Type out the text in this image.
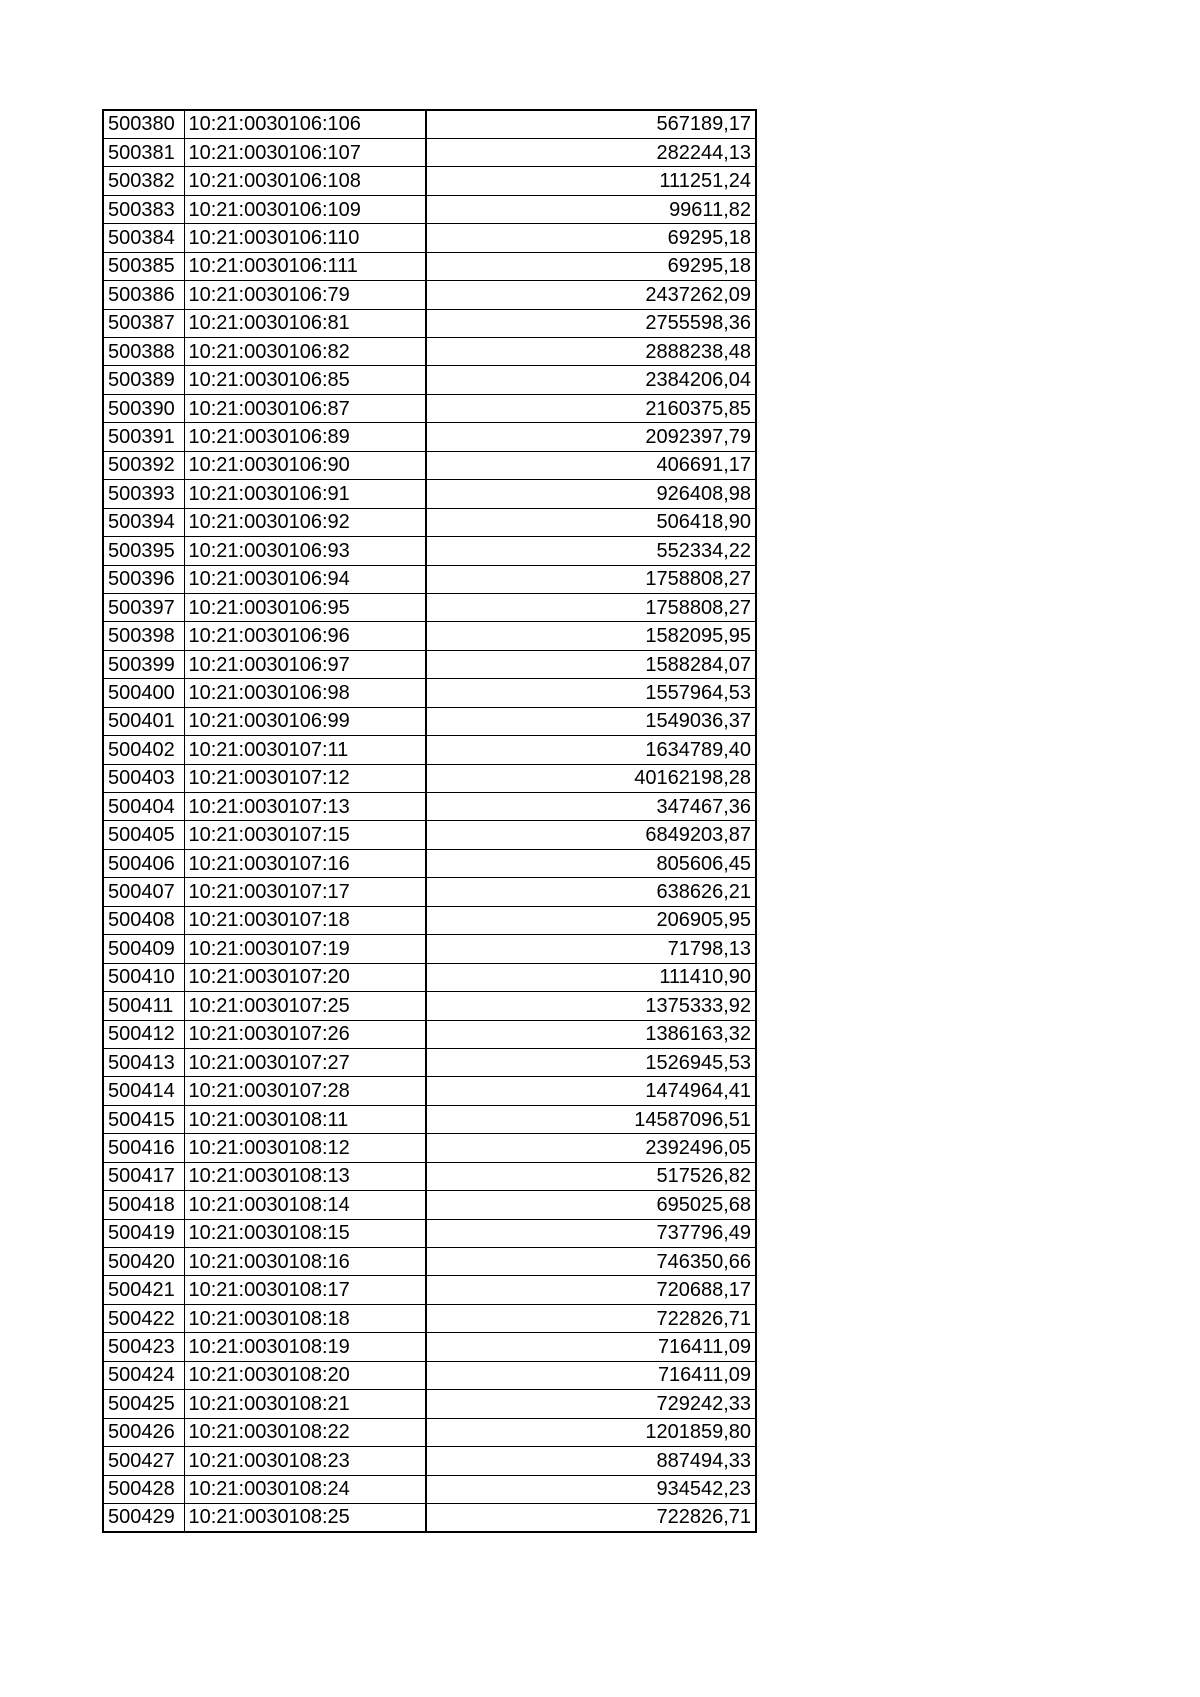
500380	10:21:0030106:106	567189,17
500381	10:21:0030106:107	282244,13
500382	10:21:0030106:108	111251,24
500383	10:21:0030106:109	99611,82
500384	10:21:0030106:110	69295,18
500385	10:21:0030106:111	69295,18
500386	10:21:0030106:79	2437262,09
500387	10:21:0030106:81	2755598,36
500388	10:21:0030106:82	2888238,48
500389	10:21:0030106:85	2384206,04
500390	10:21:0030106:87	2160375,85
500391	10:21:0030106:89	2092397,79
500392	10:21:0030106:90	406691,17
500393	10:21:0030106:91	926408,98
500394	10:21:0030106:92	506418,90
500395	10:21:0030106:93	552334,22
500396	10:21:0030106:94	1758808,27
500397	10:21:0030106:95	1758808,27
500398	10:21:0030106:96	1582095,95
500399	10:21:0030106:97	1588284,07
500400	10:21:0030106:98	1557964,53
500401	10:21:0030106:99	1549036,37
500402	10:21:0030107:11	1634789,40
500403	10:21:0030107:12	40162198,28
500404	10:21:0030107:13	347467,36
500405	10:21:0030107:15	6849203,87
500406	10:21:0030107:16	805606,45
500407	10:21:0030107:17	638626,21
500408	10:21:0030107:18	206905,95
500409	10:21:0030107:19	71798,13
500410	10:21:0030107:20	111410,90
500411	10:21:0030107:25	1375333,92
500412	10:21:0030107:26	1386163,32
500413	10:21:0030107:27	1526945,53
500414	10:21:0030107:28	1474964,41
500415	10:21:0030108:11	14587096,51
500416	10:21:0030108:12	2392496,05
500417	10:21:0030108:13	517526,82
500418	10:21:0030108:14	695025,68
500419	10:21:0030108:15	737796,49
500420	10:21:0030108:16	746350,66
500421	10:21:0030108:17	720688,17
500422	10:21:0030108:18	722826,71
500423	10:21:0030108:19	716411,09
500424	10:21:0030108:20	716411,09
500425	10:21:0030108:21	729242,33
500426	10:21:0030108:22	1201859,80
500427	10:21:0030108:23	887494,33
500428	10:21:0030108:24	934542,23
500429	10:21:0030108:25	722826,71
